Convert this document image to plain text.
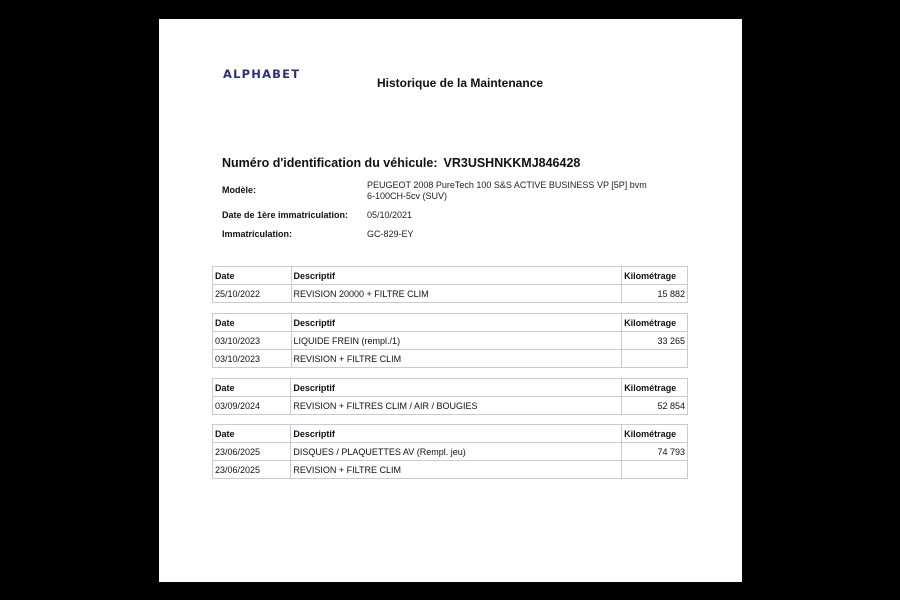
ALPHABET
Historique de la Maintenance
Numéro d'identification du véhicule: VR3USHNKKMJ846428
Modèle:	PEUGEOT 2008 PureTech 100 S&S ACTIVE BUSINESS VP [5P] bvm
6-100CH-5cv (SUV)
Date de 1ère immatriculation: 05/10/2021
Immatriculation:	GC-829-EY
Date	Descriptif	Kilométrage
25/10/2022	REVISION 20000 + FILTRE CLIM	15 882
Date	Descriptif	Kilométrage
03/10/2023	LIQUIDE FREIN (rempl./1)	33 265
03/10/2023	REVISION + FILTRE CLIM	
Date	Descriptif	Kilométrage
03/09/2024	REVISION + FILTRES CLIM / AIR / BOUGIES	52 854
Date	Descriptif	Kilométrage
23/06/2025	DISQUES / PLAQUETTES AV (Rempl. jeu)	74 793
23/06/2025	REVISION + FILTRE CLIM	
